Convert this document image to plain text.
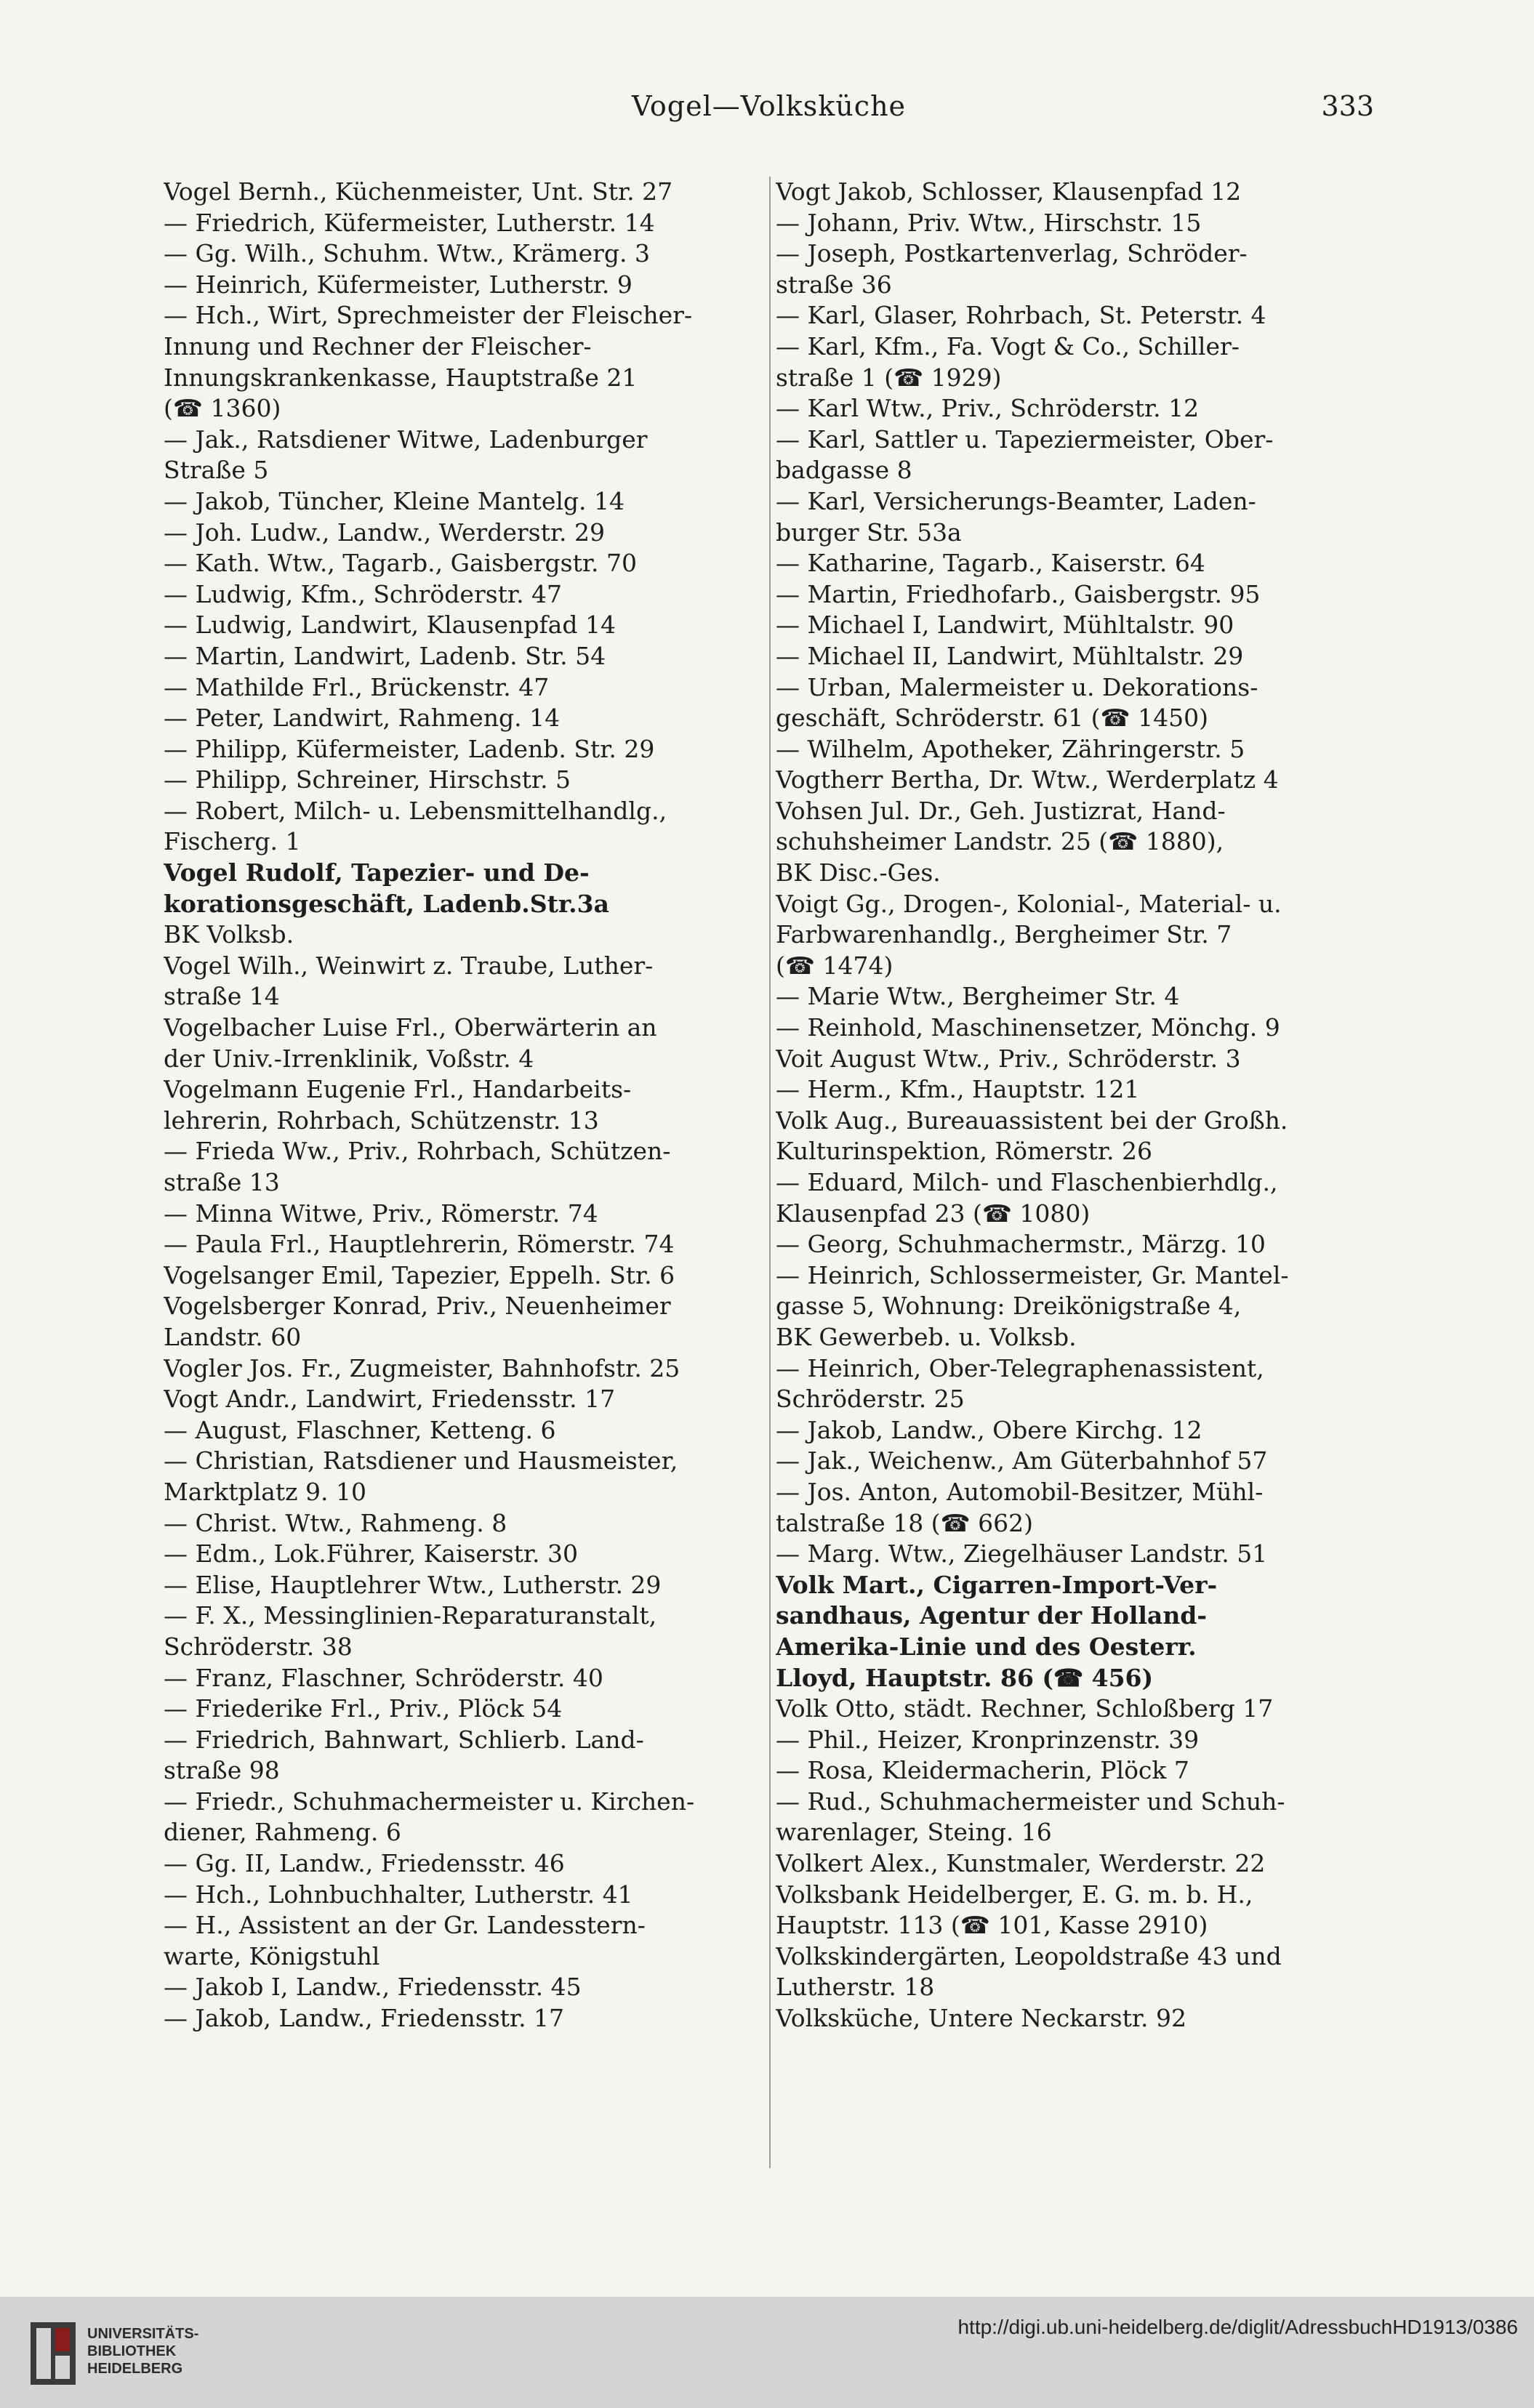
Vogel—Volksküche	333
Vogel Bernh., Küchenmeister, Unt. Str. 27
— Friedrich, Küfermeister, Lutherstr. 14
— Gg. Wilh., Schuhm. Wtw., Krämerg. 3
— Heinrich, Küfermeister, Lutherstr. 9
— Hch., Wirt, Sprechmeister der Fleischer-
Innung und Rechner der Fleischer-
Innungskrankenkasse, Hauptstraße 21
(☎ 1360)
— Jak., Ratsdiener Witwe, Ladenburger
Straße 5
— Jakob, Tüncher, Kleine Mantelg. 14
— Joh. Ludw., Landw., Werderstr. 29
— Kath. Wtw., Tagarb., Gaisbergstr. 70
— Ludwig, Kfm., Schröderstr. 47
— Ludwig, Landwirt, Klausenpfad 14
— Martin, Landwirt, Ladenb. Str. 54
— Mathilde Frl., Brückenstr. 47
— Peter, Landwirt, Rahmeng. 14
— Philipp, Küfermeister, Ladenb. Str. 29
— Philipp, Schreiner, Hirschstr. 5
— Robert, Milch- u. Lebensmittelhandlg.,
Fischerg. 1
Vogel Rudolf, Tapezier- und De-
korationsgeschäft, Ladenb.Str.3a
BK Volksb.
Vogel Wilh., Weinwirt z. Traube, Luther-
straße 14
Vogelbacher Luise Frl., Oberwärterin an
der Univ.-Irrenklinik, Voßstr. 4
Vogelmann Eugenie Frl., Handarbeits-
lehrerin, Rohrbach, Schützenstr. 13
— Frieda Ww., Priv., Rohrbach, Schützen-
straße 13
— Minna Witwe, Priv., Römerstr. 74
— Paula Frl., Hauptlehrerin, Römerstr. 74
Vogelsanger Emil, Tapezier, Eppelh. Str. 6
Vogelsberger Konrad, Priv., Neuenheimer
Landstr. 60
Vogler Jos. Fr., Zugmeister, Bahnhofstr. 25
Vogt Andr., Landwirt, Friedensstr. 17
— August, Flaschner, Ketteng. 6
— Christian, Ratsdiener und Hausmeister,
Marktplatz 9. 10
— Christ. Wtw., Rahmeng. 8
— Edm., Lok.Führer, Kaiserstr. 30
— Elise, Hauptlehrer Wtw., Lutherstr. 29
— F. X., Messinglinien-Reparaturanstalt,
Schröderstr. 38
— Franz, Flaschner, Schröderstr. 40
— Friederike Frl., Priv., Plöck 54
— Friedrich, Bahnwart, Schlierb. Land-
straße 98
— Friedr., Schuhmachermeister u. Kirchen-
diener, Rahmeng. 6
— Gg. II, Landw., Friedensstr. 46
— Hch., Lohnbuchhalter, Lutherstr. 41
— H., Assistent an der Gr. Landesstern-
warte, Königstuhl
— Jakob I, Landw., Friedensstr. 45
— Jakob, Landw., Friedensstr. 17
Vogt Jakob, Schlosser, Klausenpfad 12
— Johann, Priv. Wtw., Hirschstr. 15
— Joseph, Postkartenverlag, Schröder-
straße 36
— Karl, Glaser, Rohrbach, St. Peterstr. 4
— Karl, Kfm., Fa. Vogt & Co., Schiller-
straße 1 (☎ 1929)
— Karl Wtw., Priv., Schröderstr. 12
— Karl, Sattler u. Tapeziermeister, Ober-
badgasse 8
— Karl, Versicherungs-Beamter, Laden-
burger Str. 53a
— Katharine, Tagarb., Kaiserstr. 64
— Martin, Friedhofarb., Gaisbergstr. 95
— Michael I, Landwirt, Mühltalstr. 90
— Michael II, Landwirt, Mühltalstr. 29
— Urban, Malermeister u. Dekorations-
geschäft, Schröderstr. 61 (☎ 1450)
— Wilhelm, Apotheker, Zähringerstr. 5
Vogtherr Bertha, Dr. Wtw., Werderplatz 4
Vohsen Jul. Dr., Geh. Justizrat, Hand-
schuhsheimer Landstr. 25 (☎ 1880),
BK Disc.-Ges.
Voigt Gg., Drogen-, Kolonial-, Material- u.
Farbwarenhandlg., Bergheimer Str. 7
(☎ 1474)
— Marie Wtw., Bergheimer Str. 4
— Reinhold, Maschinensetzer, Mönchg. 9
Voit August Wtw., Priv., Schröderstr. 3
— Herm., Kfm., Hauptstr. 121
Volk Aug., Bureauassistent bei der Großh.
Kulturinspektion, Römerstr. 26
— Eduard, Milch- und Flaschenbierhdlg.,
Klausenpfad 23 (☎ 1080)
— Georg, Schuhmachermstr., Märzg. 10
— Heinrich, Schlossermeister, Gr. Mantel-
gasse 5, Wohnung: Dreikönigstraße 4,
BK Gewerbeb. u. Volksb.
— Heinrich, Ober-Telegraphenassistent,
Schröderstr. 25
— Jakob, Landw., Obere Kirchg. 12
— Jak., Weichenw., Am Güterbahnhof 57
— Jos. Anton, Automobil-Besitzer, Mühl-
talstraße 18 (☎ 662)
— Marg. Wtw., Ziegelhäuser Landstr. 51
Volk Mart., Cigarren-Import-Ver-
sandhaus, Agentur der Holland-
Amerika-Linie und des Oesterr.
Lloyd, Hauptstr. 86 (☎ 456)
Volk Otto, städt. Rechner, Schloßberg 17
— Phil., Heizer, Kronprinzenstr. 39
— Rosa, Kleidermacherin, Plöck 7
— Rud., Schuhmachermeister und Schuh-
warenlager, Steing. 16
Volkert Alex., Kunstmaler, Werderstr. 22
Volksbank Heidelberger, E. G. m. b. H.,
Hauptstr. 113 (☎ 101, Kasse 2910)
Volkskindergärten, Leopoldstraße 43 und
Lutherstr. 18
Volksküche, Untere Neckarstr. 92
UNIVERSITÄTS-
BIBLIOTHEK
HEIDELBERG
http://digi.ub.uni-heidelberg.de/diglit/AdressbuchHD1913/0386
